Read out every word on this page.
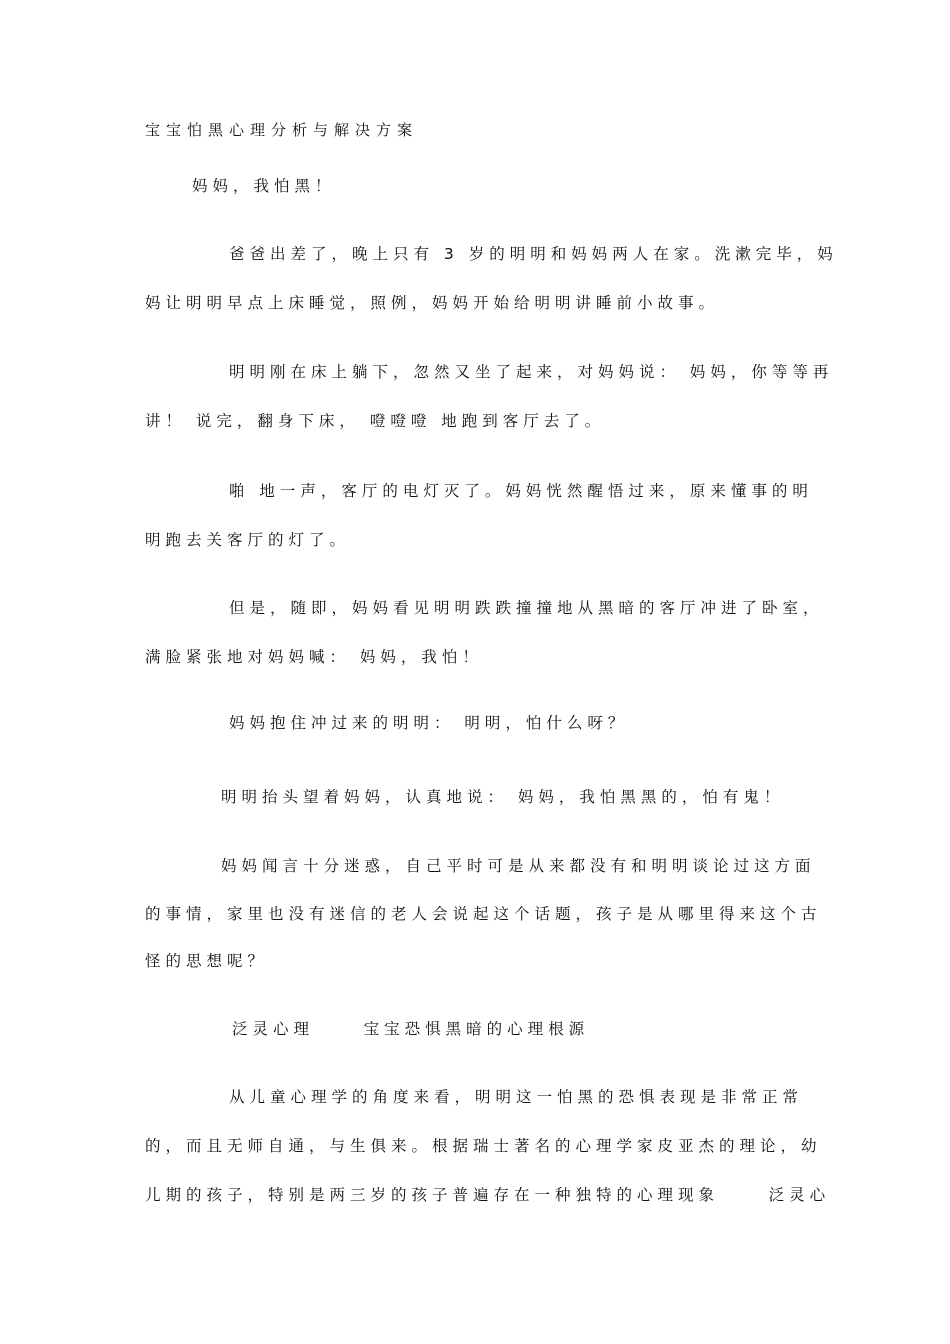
宝宝怕黑心理分析与解决方案
妈妈，我怕黑！
爸爸出差了，晚上只有 3 岁的明明和妈妈两人在家。洗漱完毕，妈
妈让明明早点上床睡觉，照例，妈妈开始给明明讲睡前小故事。
明明刚在床上躺下，忽然又坐了起来，对妈妈说： 妈妈，你等等再
讲！ 说完，翻身下床， 噔噔噔 地跑到客厅去了。
啪 地一声，客厅的电灯灭了。妈妈恍然醒悟过来，原来懂事的明
明跑去关客厅的灯了。
但是，随即，妈妈看见明明跌跌撞撞地从黑暗的客厅冲进了卧室，
满脸紧张地对妈妈喊： 妈妈，我怕！
妈妈抱住冲过来的明明： 明明，怕什么呀？
明明抬头望着妈妈，认真地说： 妈妈，我怕黑黑的，怕有鬼！
妈妈闻言十分迷惑，自己平时可是从来都没有和明明谈论过这方面
的事情，家里也没有迷信的老人会说起这个话题，孩子是从哪里得来这个古
怪的思想呢？
泛灵心理     宝宝恐惧黑暗的心理根源
从儿童心理学的角度来看，明明这一怕黑的恐惧表现是非常正常
的，而且无师自通，与生俱来。根据瑞士著名的心理学家皮亚杰的理论，幼
儿期的孩子，特别是两三岁的孩子普遍存在一种独特的心理现象     泛灵心
